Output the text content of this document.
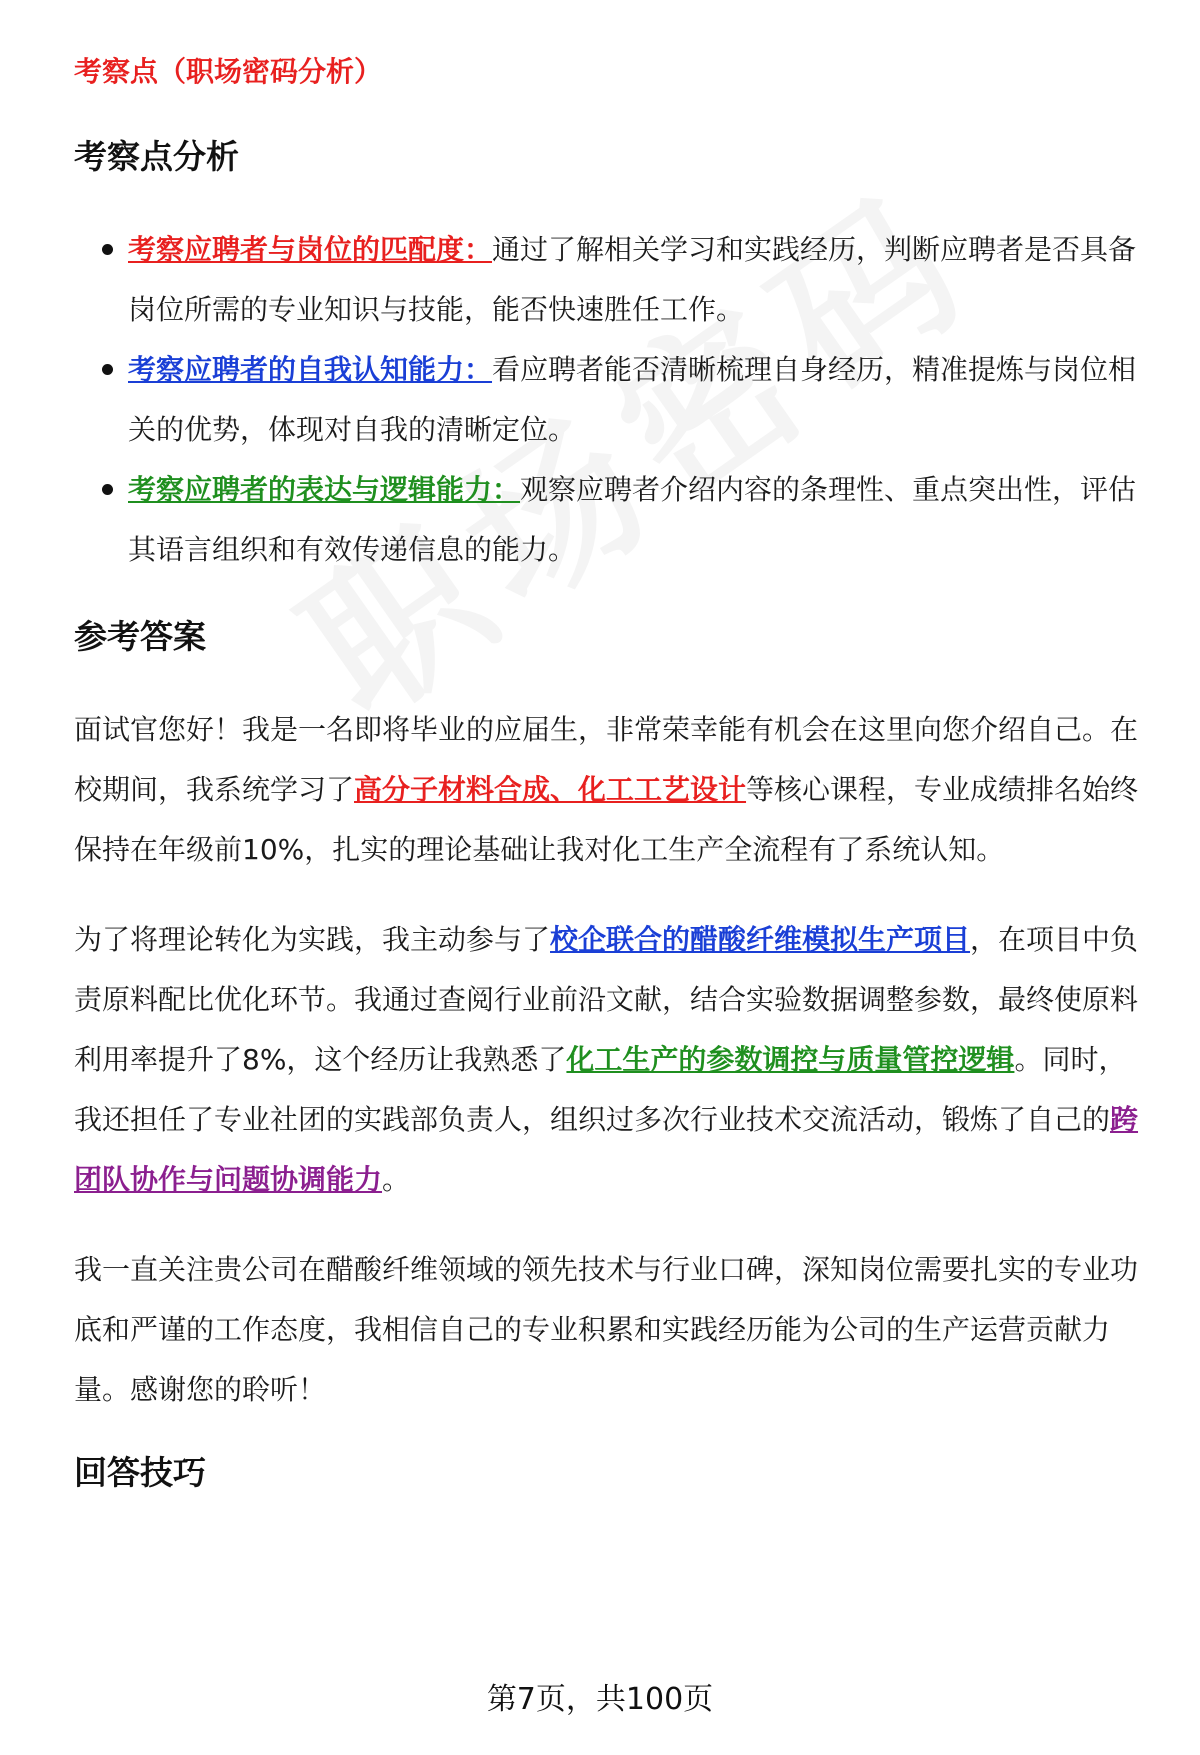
考察点（职场密码分析）
考察点分析
考察应聘者与岗位的匹配度：通过了解相关学习和实践经历，判断应聘者是否具备岗位所需的专业知识与技能，能否快速胜任工作。
考察应聘者的自我认知能力：看应聘者能否清晰梳理自身经历，精准提炼与岗位相关的优势，体现对自我的清晰定位。
考察应聘者的表达与逻辑能力：观察应聘者介绍内容的条理性、重点突出性，评估其语言组织和有效传递信息的能力。
参考答案

面试官您好！我是一名即将毕业的应届生，非常荣幸能有机会在这里向您介绍自己。在校期间，我系统学习了高分子材料合成、化工工艺设计等核心课程，专业成绩排名始终保持在年级前10%，扎实的理论基础让我对化工生产全流程有了系统认知。

为了将理论转化为实践，我主动参与了校企联合的醋酸纤维模拟生产项目，在项目中负责原料配比优化环节。我通过查阅行业前沿文献，结合实验数据调整参数，最终使原料利用率提升了8%，这个经历让我熟悉了化工生产的参数调控与质量管控逻辑。同时，我还担任了专业社团的实践部负责人，组织过多次行业技术交流活动，锻炼了自己的跨团队协作与问题协调能力。

我一直关注贵公司在醋酸纤维领域的领先技术与行业口碑，深知岗位需要扎实的专业功底和严谨的工作态度，我相信自己的专业积累和实践经历能为公司的生产运营贡献力量。感谢您的聆听！

回答技巧
第7页，共100页
